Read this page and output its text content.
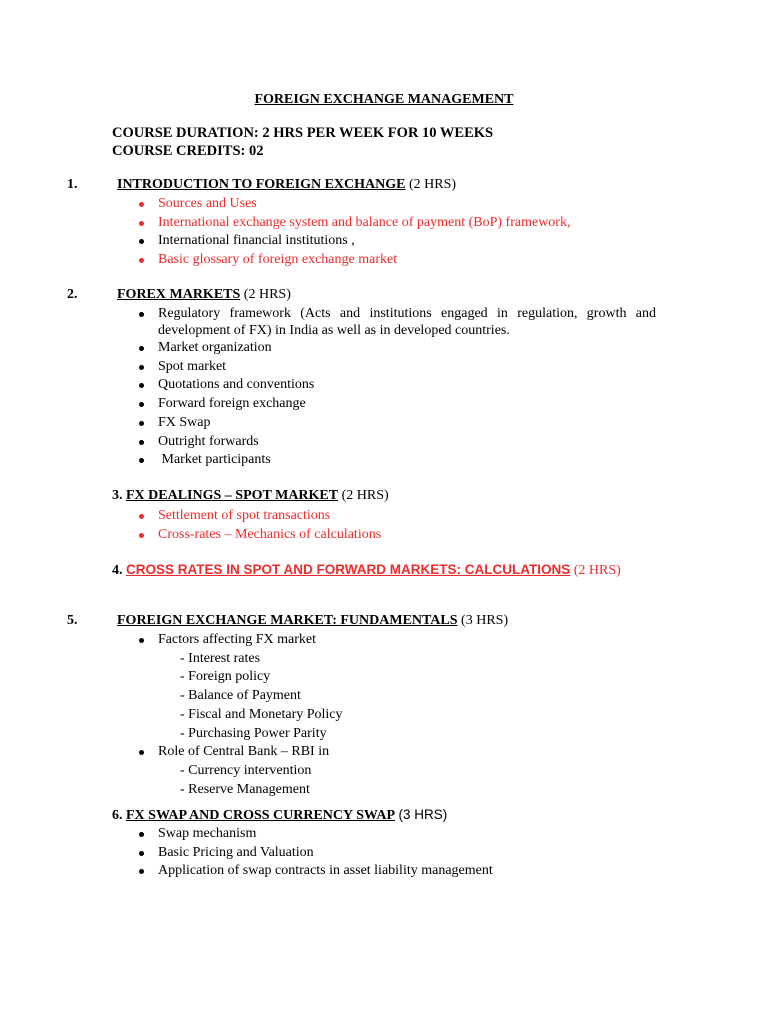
FOREIGN EXCHANGE MANAGEMENT
COURSE DURATION: 2 HRS PER WEEK FOR 10 WEEKS
COURSE CREDITS: 02
1.	INTRODUCTION TO FOREIGN EXCHANGE (2 HRS)
Sources and Uses
International exchange system and balance of payment (BoP) framework,
International financial institutions ,
Basic glossary of foreign exchange market
2.	FOREX MARKETS (2 HRS)
Regulatory framework (Acts and institutions engaged in regulation, growth and development of FX) in India as well as in developed countries.
Market organization
Spot market
Quotations and conventions
Forward foreign exchange
FX Swap
Outright forwards
Market participants
3. FX DEALINGS – SPOT MARKET (2 HRS)
Settlement of spot transactions
Cross-rates – Mechanics of calculations
4. CROSS RATES IN SPOT AND FORWARD MARKETS: CALCULATIONS (2 HRS)
5.	FOREIGN EXCHANGE MARKET: FUNDAMENTALS (3 HRS)
Factors affecting FX market
- Interest rates
- Foreign policy
- Balance of Payment
- Fiscal and Monetary Policy
- Purchasing Power Parity
Role of Central Bank – RBI in
- Currency intervention
- Reserve Management
6. FX SWAP AND CROSS CURRENCY SWAP (3 HRS)
Swap mechanism
Basic Pricing and Valuation
Application of swap contracts in asset liability management
